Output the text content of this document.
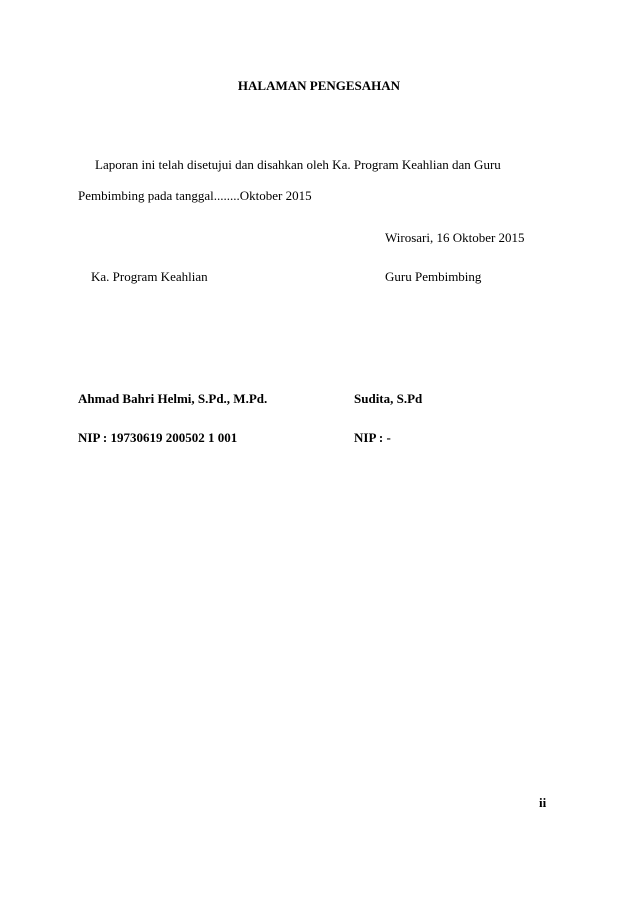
HALAMAN PENGESAHAN
Laporan ini telah disetujui dan disahkan oleh Ka. Program Keahlian dan Guru
Pembimbing pada tanggal........Oktober 2015
Wirosari, 16 Oktober 2015
Ka. Program Keahlian	Guru Pembimbing
Ahmad Bahri Helmi, S.Pd., M.Pd.	Sudita, S.Pd
NIP : 19730619 200502 1 001	NIP : -
ii
